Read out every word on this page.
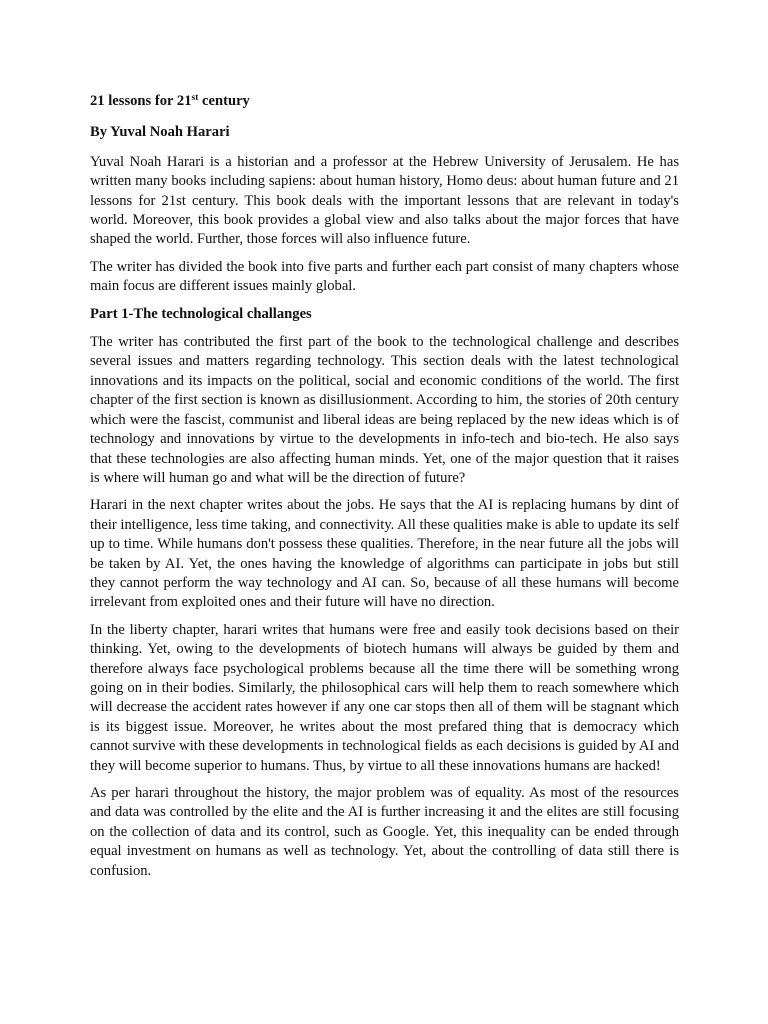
21 lessons for 21st century

By Yuval Noah Harari

Yuval Noah Harari is a historian and a professor at the Hebrew University of Jerusalem. He has written many books including sapiens: about human history, Homo deus: about human future and 21 lessons for 21st century. This book deals with the important lessons that are relevant in today's world. Moreover, this book provides a global view and also talks about the major forces that have shaped the world. Further, those forces will also influence future.

The writer has divided the book into five parts and further each part consist of many chapters whose main focus are different issues mainly global.

Part 1-The technological challanges

The writer has contributed the first part of the book to the technological challenge and describes several issues and matters regarding technology. This section deals with the latest technological innovations and its impacts on the political, social and economic conditions of the world. The first chapter of the first section is known as disillusionment. According to him, the stories of 20th century which were the fascist, communist and liberal ideas are being replaced by the new ideas which is of technology and innovations by virtue to the developments in info-tech and bio-tech. He also says that these technologies are also affecting human minds. Yet, one of the major question that it raises is where will human go and what will be the direction of future?

Harari in the next chapter writes about the jobs. He says that the AI is replacing humans by dint of their intelligence, less time taking, and connectivity. All these qualities make is able to update its self up to time. While humans don't possess these qualities. Therefore, in the near future all the jobs will be taken by AI. Yet, the ones having the knowledge of algorithms can participate in jobs but still they cannot perform the way technology and AI can. So, because of all these humans will become irrelevant from exploited ones and their future will have no direction.

In the liberty chapter, harari writes that humans were free and easily took decisions based on their thinking. Yet, owing to the developments of biotech humans will always be guided by them and therefore always face psychological problems because all the time there will be something wrong going on in their bodies. Similarly, the philosophical cars will help them to reach somewhere which will decrease the accident rates however if any one car stops then all of them will be stagnant which is its biggest issue. Moreover, he writes about the most prefared thing that is democracy which cannot survive with these developments in technological fields as each decisions is guided by AI and they will become superior to humans. Thus, by virtue to all these innovations humans are hacked!

As per harari throughout the history, the major problem was of equality. As most of the resources and data was controlled by the elite and the AI is further increasing it and the elites are still focusing on the collection of data and its control, such as Google. Yet, this inequality can be ended through equal investment on humans as well as technology. Yet, about the controlling of data still there is confusion.
